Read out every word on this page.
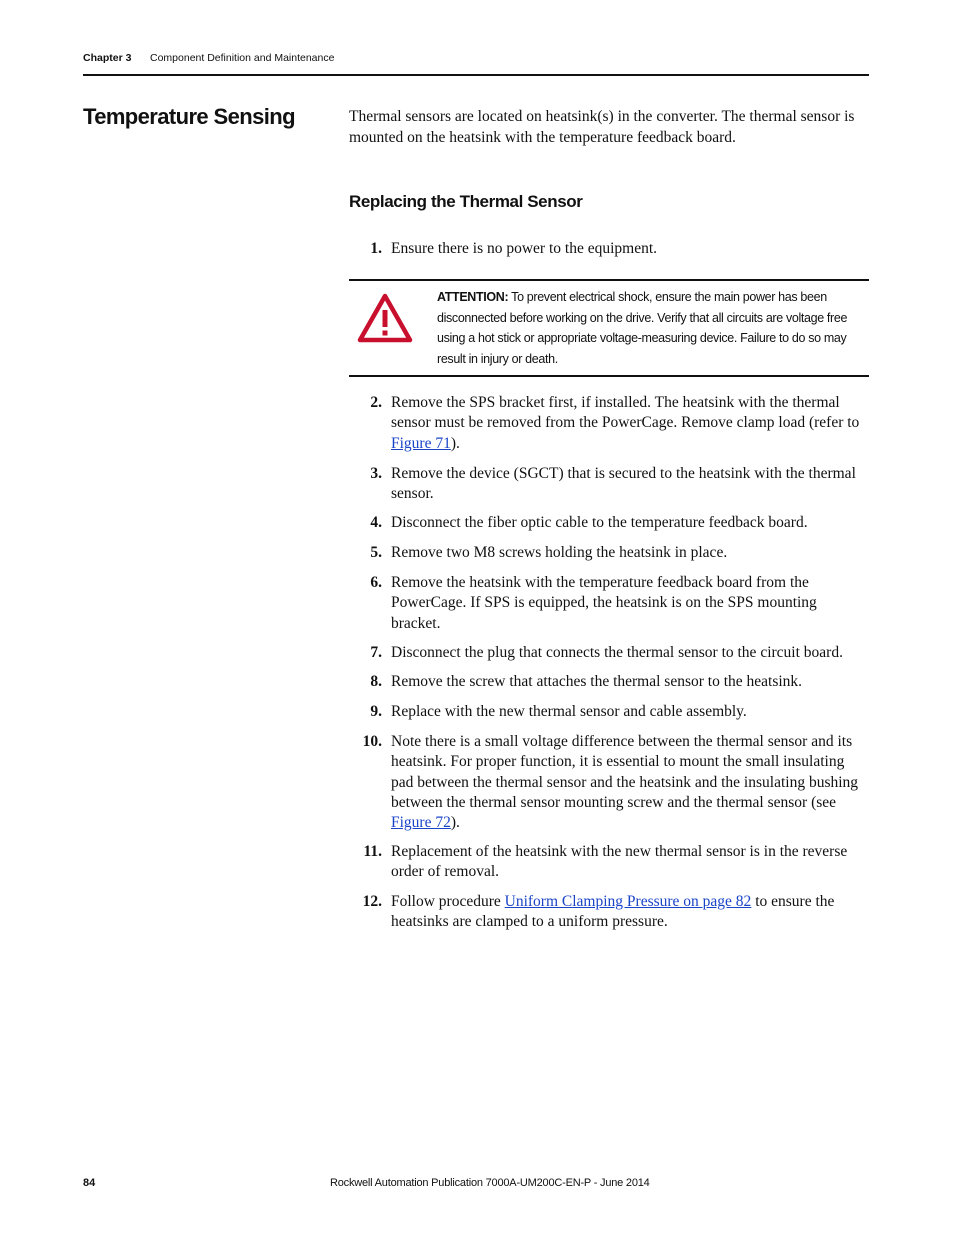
Chapter 3 Component Definition and Maintenance
Temperature Sensing	Thermal sensors are located on heatsink(s) in the converter. The thermal sensor is mounted on the heatsink with the temperature feedback board.
Replacing the Thermal Sensor
1. Ensure there is no power to the equipment.
ATTENTION: To prevent electrical shock, ensure the main power has been disconnected before working on the drive. Verify that all circuits are voltage free using a hot stick or appropriate voltage-measuring device. Failure to do so may result in injury or death.
2. Remove the SPS bracket first, if installed. The heatsink with the thermal sensor must be removed from the PowerCage. Remove clamp load (refer to Figure 71).
3. Remove the device (SGCT) that is secured to the heatsink with the thermal sensor.
4. Disconnect the fiber optic cable to the temperature feedback board.
5. Remove two M8 screws holding the heatsink in place.
6. Remove the heatsink with the temperature feedback board from the PowerCage. If SPS is equipped, the heatsink is on the SPS mounting bracket.
7. Disconnect the plug that connects the thermal sensor to the circuit board.
8. Remove the screw that attaches the thermal sensor to the heatsink.
9. Replace with the new thermal sensor and cable assembly.
10. Note there is a small voltage difference between the thermal sensor and its heatsink. For proper function, it is essential to mount the small insulating pad between the thermal sensor and the heatsink and the insulating bushing between the thermal sensor mounting screw and the thermal sensor (see Figure 72).
11. Replacement of the heatsink with the new thermal sensor is in the reverse order of removal.
12. Follow procedure Uniform Clamping Pressure on page 82 to ensure the heatsinks are clamped to a uniform pressure.
84	Rockwell Automation Publication 7000A-UM200C-EN-P - June 2014
